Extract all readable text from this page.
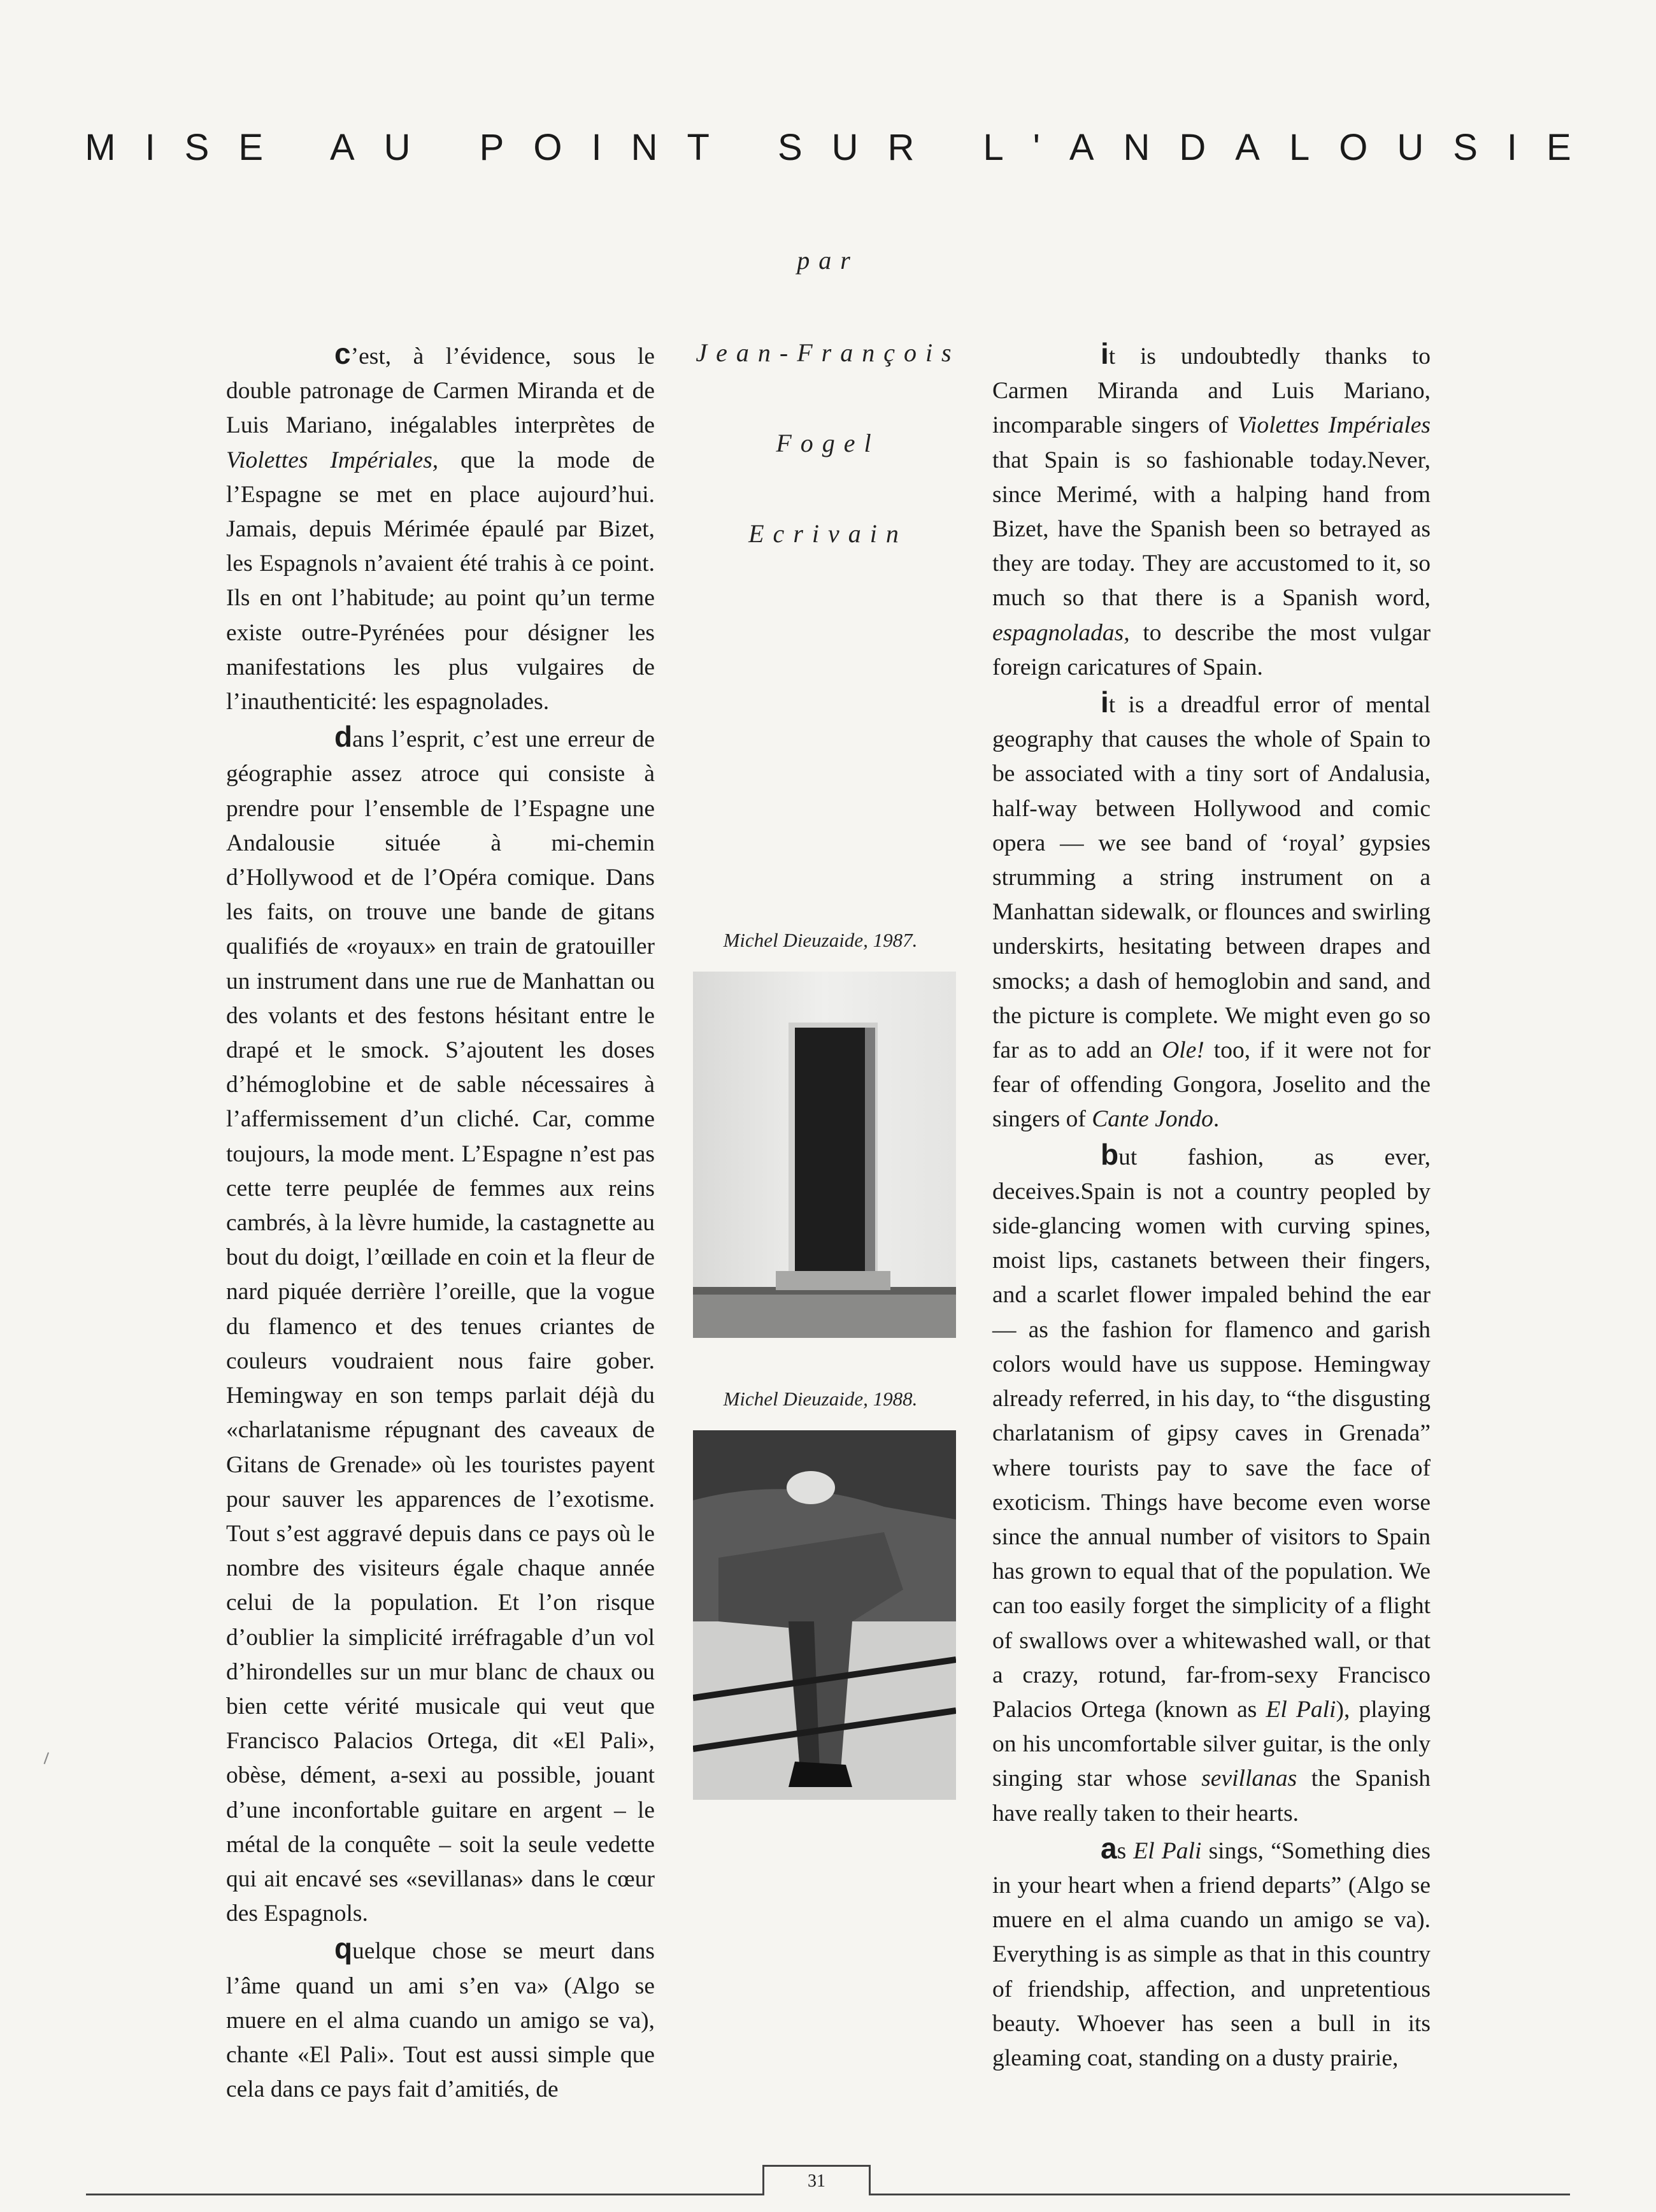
MISE AU POINT SUR L'ANDALOUSIE
par
Jean-François
Fogel
Ecrivain

c’est, à l’évidence, sous le double patronage de Carmen Miranda et de Luis Mariano, inégalables interprètes de Violettes Impériales, que la mode de l’Espagne se met en place aujourd’hui. Jamais, depuis Mérimée épaulé par Bizet, les Espagnols n’avaient été trahis à ce point. Ils en ont l’habitude; au point qu’un terme existe outre-Pyrénées pour désigner les manifestations les plus vulgaires de l’inauthenticité: les espagnolades.

dans l’esprit, c’est une erreur de géographie assez atroce qui consiste à prendre pour l’ensemble de l’Espagne une Andalousie située à mi-chemin d’Hollywood et de l’Opéra comique. Dans les faits, on trouve une bande de gitans qualifiés de «royaux» en train de gratouiller un instrument dans une rue de Manhattan ou des volants et des festons hésitant entre le drapé et le smock. S’ajoutent les doses d’hémoglobine et de sable nécessaires à l’affermissement d’un cliché. Car, comme toujours, la mode ment. L’Espagne n’est pas cette terre peuplée de femmes aux reins cambrés, à la lèvre humide, la castagnette au bout du doigt, l’œillade en coin et la fleur de nard piquée derrière l’oreille, que la vogue du flamenco et des tenues criantes de couleurs voudraient nous faire gober. Hemingway en son temps parlait déjà du «charlatanisme répugnant des caveaux de Gitans de Grenade» où les touristes payent pour sauver les apparences de l’exotisme. Tout s’est aggravé depuis dans ce pays où le nombre des visiteurs égale chaque année celui de la population. Et l’on risque d’oublier la simplicité irréfragable d’un vol d’hirondelles sur un mur blanc de chaux ou bien cette vérité musicale qui veut que Francisco Palacios Ortega, dit «El Pali», obèse, dément, a-sexi au possible, jouant d’une inconfortable guitare en argent – le métal de la conquête – soit la seule vedette qui ait encavé ses «sevillanas» dans le cœur des Espagnols.

quelque chose se meurt dans l’âme quand un ami s’en va» (Algo se muere en el alma cuando un amigo se va), chante «El Pali». Tout est aussi simple que cela dans ce pays fait d’amitiés, de

Michel Dieuzaide, 1987.
Michel Dieuzaide, 1988.

it is undoubtedly thanks to Carmen Miranda and Luis Mariano, incomparable singers of Violettes Impériales that Spain is so fashionable today.Never, since Merimé, with a halping hand from Bizet, have the Spanish been so betrayed as they are today. They are accustomed to it, so much so that there is a Spanish word, espagnoladas, to describe the most vulgar foreign caricatures of Spain.

it is a dreadful error of mental geography that causes the whole of Spain to be associated with a tiny sort of Andalusia, half-way between Hollywood and comic opera — we see band of ‘royal’ gypsies strumming a string instrument on a Manhattan sidewalk, or flounces and swirling underskirts, hesitating between drapes and smocks; a dash of hemoglobin and sand, and the picture is complete. We might even go so far as to add an Ole! too, if it were not for fear of offending Gongora, Joselito and the singers of Cante Jondo.

but fashion, as ever, deceives.Spain is not a country peopled by side-glancing women with curving spines, moist lips, castanets between their fingers, and a scarlet flower impaled behind the ear — as the fashion for flamenco and garish colors would have us suppose. Hemingway already referred, in his day, to “the disgusting charlatanism of gipsy caves in Grenada” where tourists pay to save the face of exoticism. Things have become even worse since the annual number of visitors to Spain has grown to equal that of the population. We can too easily forget the simplicity of a flight of swallows over a whitewashed wall, or that a crazy, rotund, far-from-sexy Francisco Palacios Ortega (known as El Pali), playing on his uncomfortable silver guitar, is the only singing star whose sevillanas the Spanish have really taken to their hearts.

as El Pali sings, “Something dies in your heart when a friend departs” (Algo se muere en el alma cuando un amigo se va). Everything is as simple as that in this country of friendship, affection, and unpretentious beauty. Whoever has seen a bull in its gleaming coat, standing on a dusty prairie,

⸝
31
